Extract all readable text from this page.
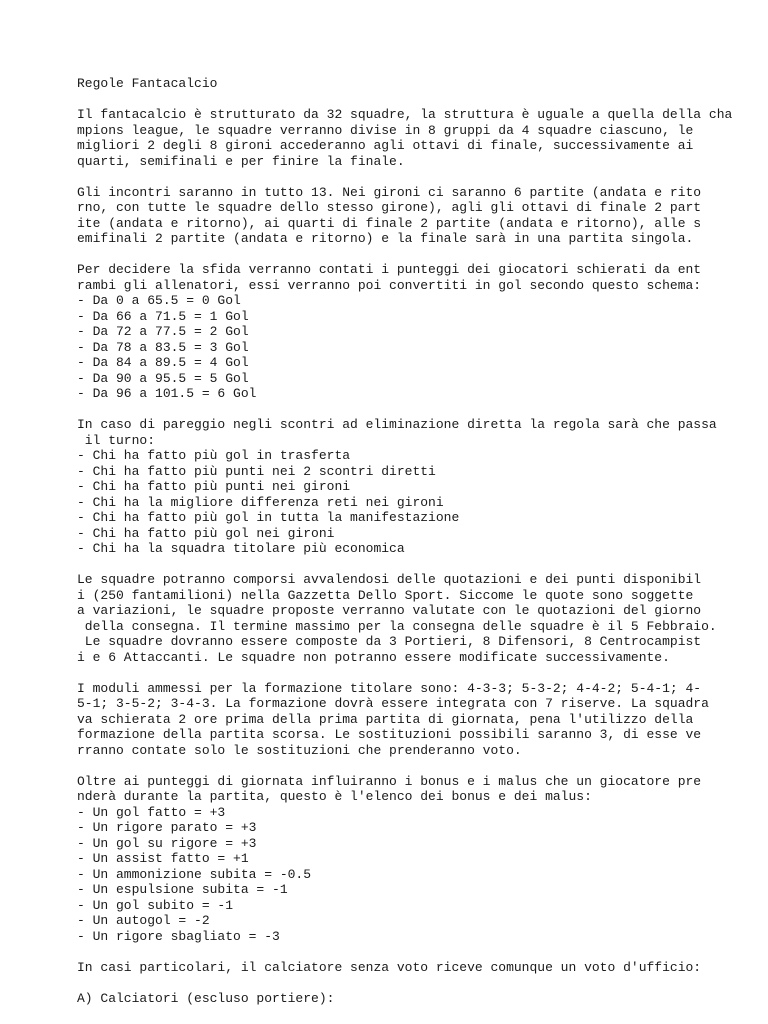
Regole Fantacalcio
Il fantacalcio è strutturato da 32 squadre, la struttura è uguale a quella della cha
mpions league, le squadre verranno divise in 8 gruppi da 4 squadre ciascuno, le
migliori 2 degli 8 gironi accederanno agli ottavi di finale, successivamente ai
quarti, semifinali e per finire la finale.
Gli incontri saranno in tutto 13. Nei gironi ci saranno 6 partite (andata e rito
rno, con tutte le squadre dello stesso girone), agli gli ottavi di finale 2 part
ite (andata e ritorno), ai quarti di finale 2 partite (andata e ritorno), alle s
emifinali 2 partite (andata e ritorno) e la finale sarà in una partita singola.
Per decidere la sfida verranno contati i punteggi dei giocatori schierati da ent
rambi gli allenatori, essi verranno poi convertiti in gol secondo questo schema:
- Da 0 a 65.5 = 0 Gol
- Da 66 a 71.5 = 1 Gol
- Da 72 a 77.5 = 2 Gol
- Da 78 a 83.5 = 3 Gol
- Da 84 a 89.5 = 4 Gol
- Da 90 a 95.5 = 5 Gol
- Da 96 a 101.5 = 6 Gol
In caso di pareggio negli scontri ad eliminazione diretta la regola sarà che passa
il turno:
- Chi ha fatto più gol in trasferta
- Chi ha fatto più punti nei 2 scontri diretti
- Chi ha fatto più punti nei gironi
- Chi ha la migliore differenza reti nei gironi
- Chi ha fatto più gol in tutta la manifestazione
- Chi ha fatto più gol nei gironi
- Chi ha la squadra titolare più economica
Le squadre potranno comporsi avvalendosi delle quotazioni e dei punti disponibil
i (250 fantamilioni) nella Gazzetta Dello Sport. Siccome le quote sono soggette
a variazioni, le squadre proposte verranno valutate con le quotazioni del giorno
della consegna. Il termine massimo per la consegna delle squadre è il 5 Febbraio.
Le squadre dovranno essere composte da 3 Portieri, 8 Difensori, 8 Centrocampist
i e 6 Attaccanti. Le squadre non potranno essere modificate successivamente.
I moduli ammessi per la formazione titolare sono: 4-3-3; 5-3-2; 4-4-2; 5-4-1; 4-
5-1; 3-5-2; 3-4-3. La formazione dovrà essere integrata con 7 riserve. La squadra
va schierata 2 ore prima della prima partita di giornata, pena l'utilizzo della
formazione della partita scorsa. Le sostituzioni possibili saranno 3, di esse ve
rranno contate solo le sostituzioni che prenderanno voto.
Oltre ai punteggi di giornata influiranno i bonus e i malus che un giocatore pre
nderà durante la partita, questo è l'elenco dei bonus e dei malus:
- Un gol fatto = +3
- Un rigore parato = +3
- Un gol su rigore = +3
- Un assist fatto = +1
- Un ammonizione subita = -0.5
- Un espulsione subita = -1
- Un gol subito = -1
- Un autogol = -2
- Un rigore sbagliato = -3
In casi particolari, il calciatore senza voto riceve comunque un voto d'ufficio:
A) Calciatori (escluso portiere):
